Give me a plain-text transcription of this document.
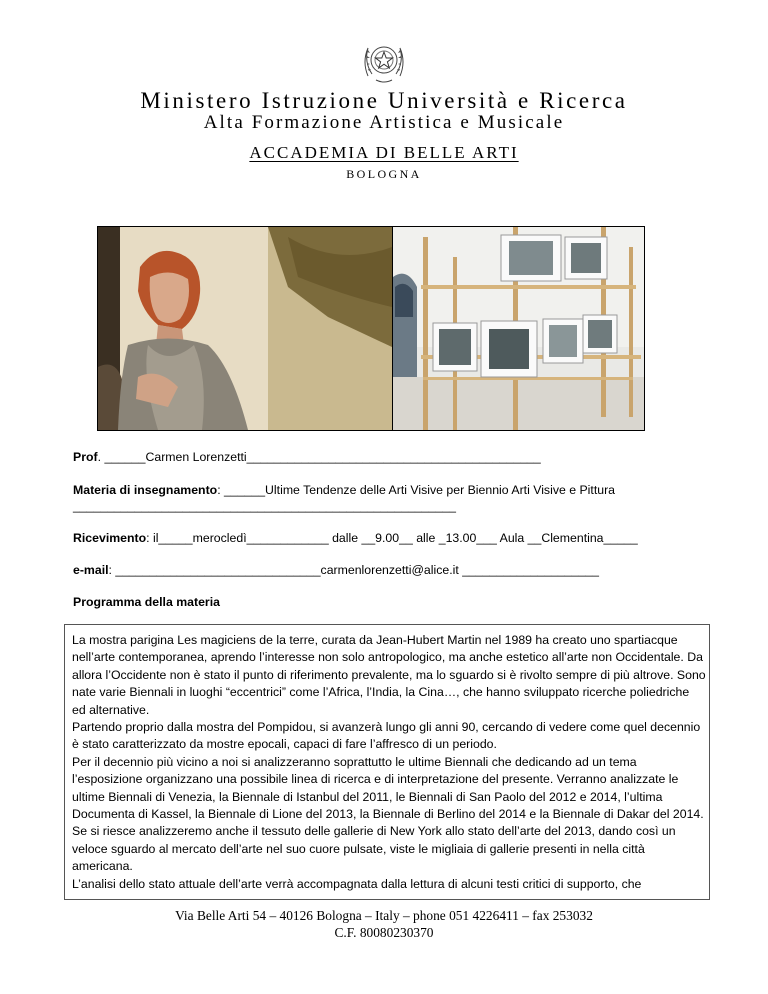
Ministero Istruzione Università e Ricerca
Alta Formazione Artistica e Musicale
ACCADEMIA DI BELLE ARTI
BOLOGNA
Prof. ______Carmen Lorenzetti___________________________________________
Materia di insegnamento: ______Ultime Tendenze delle Arti Visive per Biennio Arti Visive e Pittura
________________________________________________________
Ricevimento: il_____merocledì____________ dalle __9.00__ alle _13.00___ Aula __Clementina_____
e-mail: ______________________________carmenlorenzetti@alice.it ____________________
Programma della materia

La mostra parigina Les magiciens de la terre, curata da Jean-Hubert Martin nel 1989 ha creato uno spartiacque nell’arte contemporanea, aprendo l’interesse non solo antropologico, ma anche estetico all’arte non Occidentale. Da allora l’Occidente non è stato il punto di riferimento prevalente, ma lo sguardo si è rivolto sempre di più altrove. Sono nate varie Biennali in luoghi “eccentrici” come l’Africa, l’India, la Cina…, che hanno sviluppato ricerche poliedriche ed alternative.

Partendo proprio dalla mostra del Pompidou, si avanzerà lungo gli anni 90, cercando di vedere come quel decennio è stato caratterizzato da mostre epocali, capaci di fare l’affresco di un periodo.

Per il decennio più vicino a noi si analizzeranno soprattutto le ultime Biennali che dedicando ad un tema l’esposizione organizzano una possibile linea di ricerca e di interpretazione del presente. Verranno analizzate le ultime Biennali di Venezia, la Biennale di Istanbul del 2011, le Biennali di San Paolo del 2012 e 2014, l’ultima Documenta di Kassel, la Biennale di Lione del 2013, la Biennale di Berlino del 2014 e la Biennale di Dakar del 2014.

Se si riesce analizzeremo anche il tessuto delle gallerie di New York allo stato dell’arte del 2013, dando così un veloce sguardo al mercato dell’arte nel suo cuore pulsate, viste le migliaia di gallerie presenti in nella città americana.

L’analisi dello stato attuale dell’arte verrà accompagnata dalla lettura di alcuni testi critici di supporto, che

Via Belle Arti 54 – 40126 Bologna – Italy – phone 051 4226411 – fax 253032
C.F. 80080230370
